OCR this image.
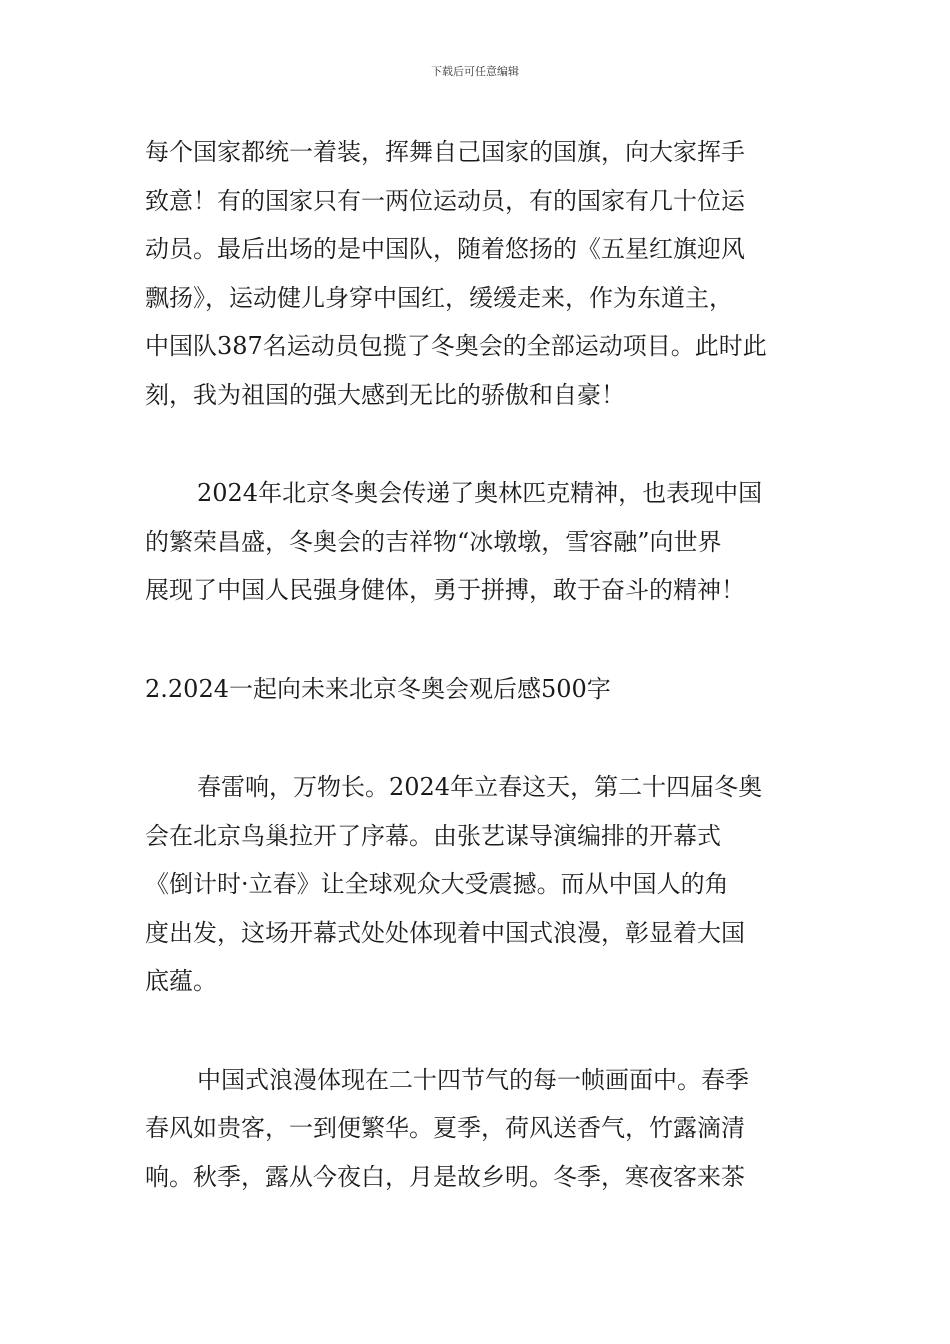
下载后可任意编辑

每个国家都统一着装，挥舞自己国家的国旗，向大家挥手
致意！有的国家只有一两位运动员，有的国家有几十位运
动员。最后出场的是中国队，随着悠扬的《五星红旗迎风
飘扬》，运动健儿身穿中国红，缓缓走来，作为东道主，
中国队387名运动员包揽了冬奥会的全部运动项目。此时此
刻，我为祖国的强大感到无比的骄傲和自豪！

2024年北京冬奥会传递了奥林匹克精神，也表现中国
的繁荣昌盛，冬奥会的吉祥物“冰墩墩，雪容融”向世界
展现了中国人民强身健体，勇于拼搏，敢于奋斗的精神！

2.2024一起向未来北京冬奥会观后感500字

春雷响，万物长。2024年立春这天，第二十四届冬奥
会在北京鸟巢拉开了序幕。由张艺谋导演编排的开幕式
《倒计时·立春》让全球观众大受震撼。而从中国人的角
度出发，这场开幕式处处体现着中国式浪漫，彰显着大国
底蕴。

中国式浪漫体现在二十四节气的每一帧画面中。春季
春风如贵客，一到便繁华。夏季，荷风送香气，竹露滴清
响。秋季，露从今夜白，月是故乡明。冬季，寒夜客来茶
